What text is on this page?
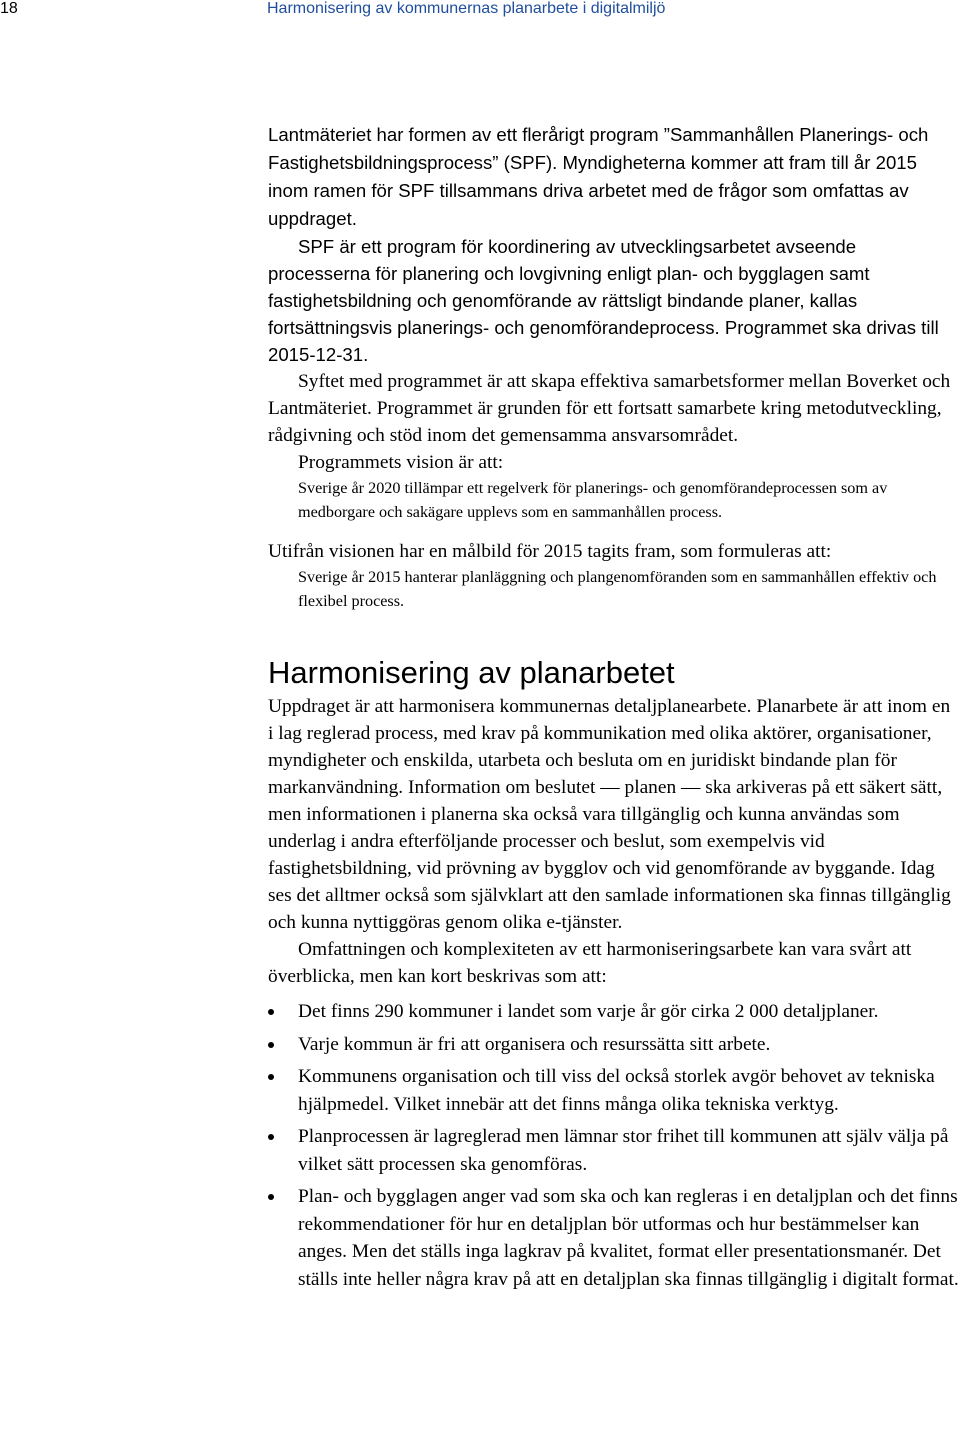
18	Harmonisering av kommunernas planarbete i digitalmiljö

Lantmäteriet har formen av ett flerårigt program ”Sammanhållen Planerings- och Fastighetsbildningsprocess” (SPF). Myndigheterna kommer att fram till år 2015 inom ramen för SPF tillsammans driva arbetet med de frågor som omfattas av uppdraget.

SPF är ett program för koordinering av utvecklingsarbetet avseende processerna för planering och lovgivning enligt plan- och bygglagen samt fastighetsbildning och genomförande av rättsligt bindande planer, kallas fortsättningsvis planerings- och genomförandeprocess. Programmet ska drivas till 2015-12-31.

Syftet med programmet är att skapa effektiva samarbetsformer mellan Boverket och Lantmäteriet. Programmet är grunden för ett fortsatt samarbete kring metodutveckling, rådgivning och stöd inom det gemensamma ansvarsområdet.

Programmets vision är att:

Sverige år 2020 tillämpar ett regelverk för planerings- och genomförandeprocessen som av medborgare och sakägare upplevs som en sammanhållen process.

Utifrån visionen har en målbild för 2015 tagits fram, som formuleras att:

Sverige år 2015 hanterar planläggning och plangenomföranden som en sammanhållen effektiv och flexibel process.

Harmonisering av planarbetet

Uppdraget är att harmonisera kommunernas detaljplanearbete. Planarbete är att inom en i lag reglerad process, med krav på kommunikation med olika aktörer, organisationer, myndigheter och enskilda, utarbeta och besluta om en juridiskt bindande plan för markanvändning. Information om beslutet — planen — ska arkiveras på ett säkert sätt, men informationen i planerna ska också vara tillgänglig och kunna användas som underlag i andra efterföljande processer och beslut, som exempelvis vid fastighetsbildning, vid prövning av bygglov och vid genomförande av byggande. Idag ses det alltmer också som självklart att den samlade informationen ska finnas tillgänglig och kunna nyttiggöras genom olika e-tjänster.

Omfattningen och komplexiteten av ett harmoniseringsarbete kan vara svårt att överblicka, men kan kort beskrivas som att:

Det finns 290 kommuner i landet som varje år gör cirka 2 000 detaljplaner.
Varje kommun är fri att organisera och resurssätta sitt arbete.
Kommunens organisation och till viss del också storlek avgör behovet av tekniska hjälpmedel. Vilket innebär att det finns många olika tekniska verktyg.
Planprocessen är lagreglerad men lämnar stor frihet till kommunen att själv välja på vilket sätt processen ska genomföras.
Plan- och bygglagen anger vad som ska och kan regleras i en detaljplan och det finns rekommendationer för hur en detaljplan bör utformas och hur bestämmelser kan anges. Men det ställs inga lagkrav på kvalitet, format eller presentationsmanér. Det ställs inte heller några krav på att en detaljplan ska finnas tillgänglig i digitalt format.
